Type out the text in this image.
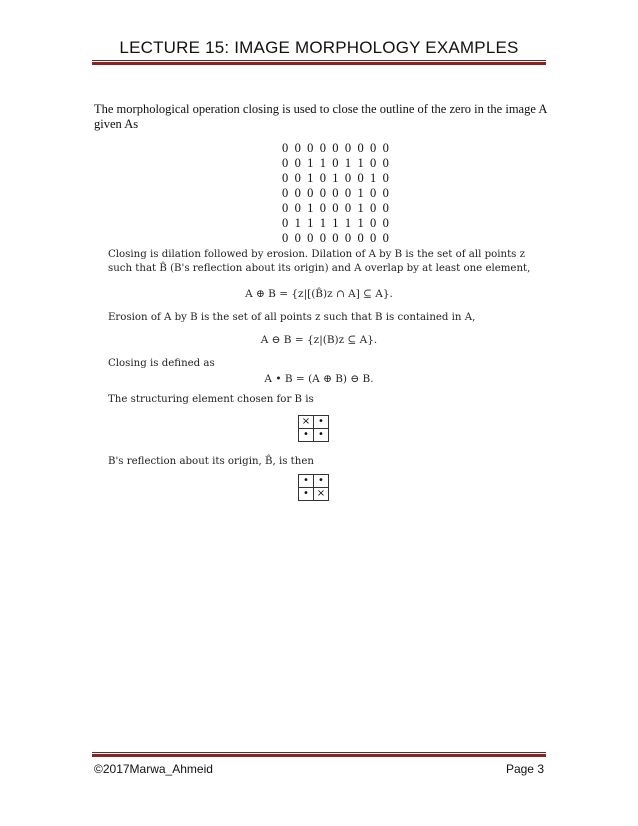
LECTURE 15: IMAGE MORPHOLOGY EXAMPLES
The morphological operation closing is used to close the outline of the zero in the image A given As
0 0 0 0 0 0 0 0 0
0 0 1 1 0 1 1 0 0
0 0 1 0 1 0 0 1 0
0 0 0 0 0 0 1 0 0
0 0 1 0 0 0 1 0 0
0 1 1 1 1 1 1 0 0
0 0 0 0 0 0 0 0 0
Closing is dilation followed by erosion. Dilation of A by B is the set of all points z such that B̂ (B's reflection about its origin) and A overlap by at least one element,
A ⊕ B = {z|[(B̂)z ∩ A] ⊆ A}.
Erosion of A by B is the set of all points z such that B is contained in A,
A ⊖ B = {z|(B)z ⊆ A}.
Closing is defined as
A • B = (A ⊕ B) ⊖ B.
The structuring element chosen for B is
×	•
•	•
B's reflection about its origin, B̂, is then
•	•
•	×
©2017Marwa_Ahmeid	Page 3
